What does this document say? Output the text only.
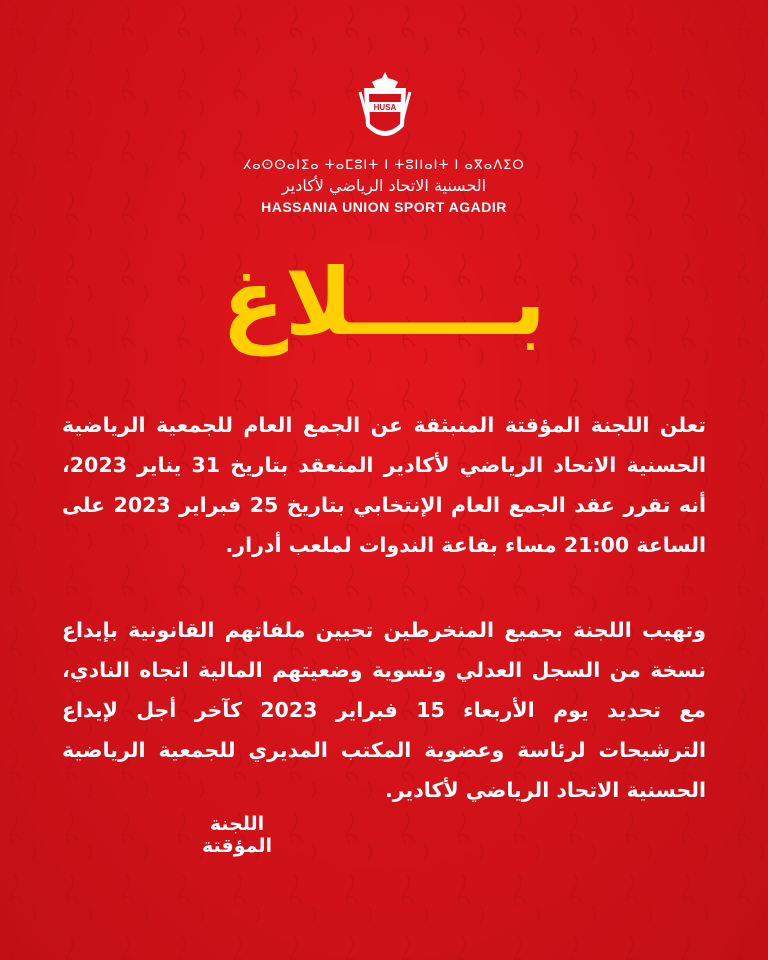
HUSA
ⵃⴰⵙⵙⴰⵏⵉⴰ ⵜⴰⵎⵓⵏⵜ ⵏ ⵜⵓⵏⵏⴰⵏⵜ ⵏ ⴰⴳⴰⴷⵉⵔ
الحسنية الاتحاد الرياضي لأكادير
HASSANIA UNION SPORT AGADIR
بـــــلاغ
تعلن اللجنة المؤقتة المنبثقة عن الجمع العام للجمعية الرياضية الحسنية الاتحاد الرياضي لأكادير المنعقد بتاريخ 31 يناير 2023، أنه تقرر عقد الجمع العام الإنتخابي بتاريخ 25 فبراير 2023 على الساعة 21:00 مساء بقاعة الندوات لملعب أدرار.
وتهيب اللجنة بجميع المنخرطين تحيين ملفاتهم القانونية بإيداع نسخة من السجل العدلي وتسوية وضعيتهم المالية اتجاه النادي، مع تحديد يوم الأربعاء 15 فبراير 2023 كآخر أجل لإيداع الترشيحات لرئاسة وعضوية المكتب المديري للجمعية الرياضية الحسنية الاتحاد الرياضي لأكادير.
اللجنة المؤقتة
